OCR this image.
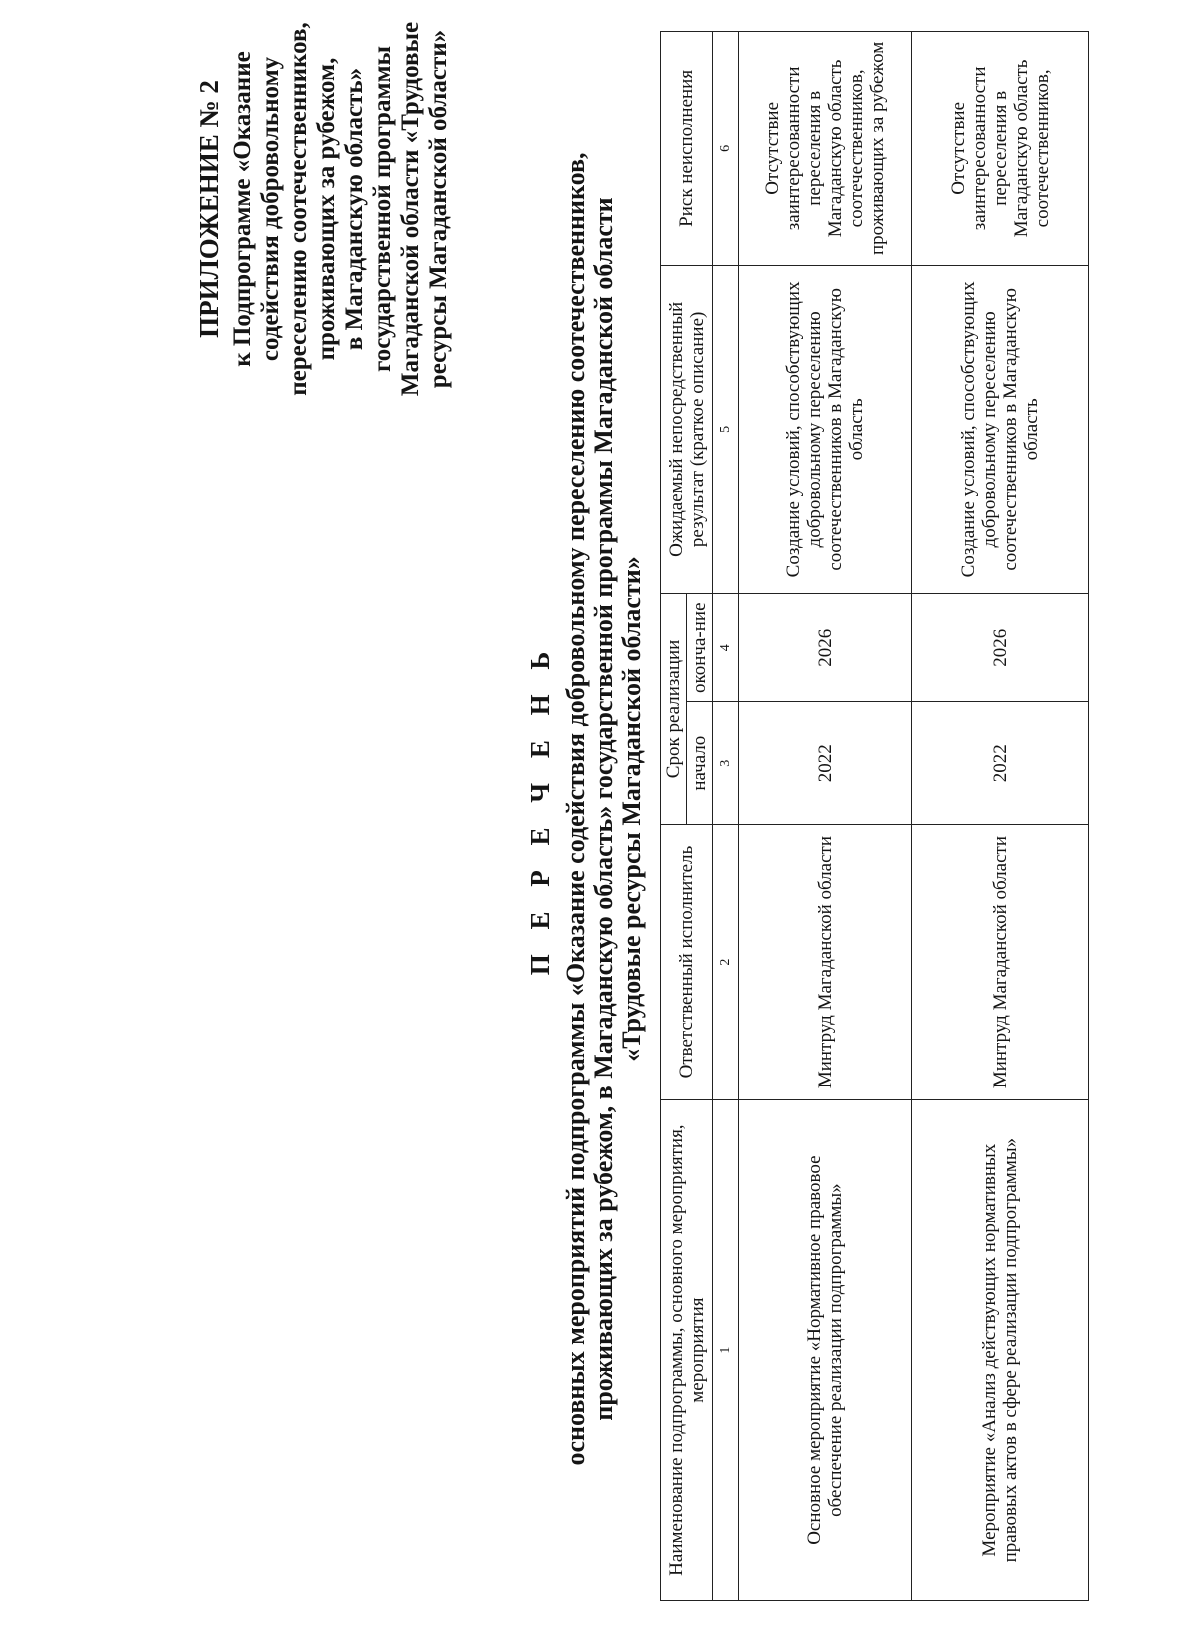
ПРИЛОЖЕНИЕ № 2 к Подпрограмме «Оказание содействия добровольному переселению соотечественников, проживающих за рубежом, в Магаданскую область» государственной программы Магаданской области «Трудовые ресурсы Магаданской области»
П Е Р Е Ч Е Н Ь основных мероприятий подпрограммы «Оказание содействия добровольному переселению соотечественников, проживающих за рубежом, в Магаданскую область» государственной программы Магаданской области «Трудовые ресурсы Магаданской области»
Наименование подпрограммы, основного мероприятия, мероприятия	Ответственный исполнитель	Срок реализации		Ожидаемый непосредственный результат (краткое описание)	Риск неисполнения
		начало	оконча-ние		
1	2	3	4	5	6
Основное мероприятие «Нормативное правовое обеспечение реализации подпрограммы»	Минтруд Магаданской области	2022	2026	Создание условий, способствующих добровольному переселению соотечественников в Магаданскую область	Отсутствие заинтересованности переселения в Магаданскую область соотечественников, проживающих за рубежом
Мероприятие «Анализ действующих нормативных правовых актов в сфере реализации подпрограммы»	Минтруд Магаданской области	2022	2026	Создание условий, способствующих добровольному переселению соотечественников в Магаданскую область	Отсутствие заинтересованности переселения в Магаданскую область соотечественников,
